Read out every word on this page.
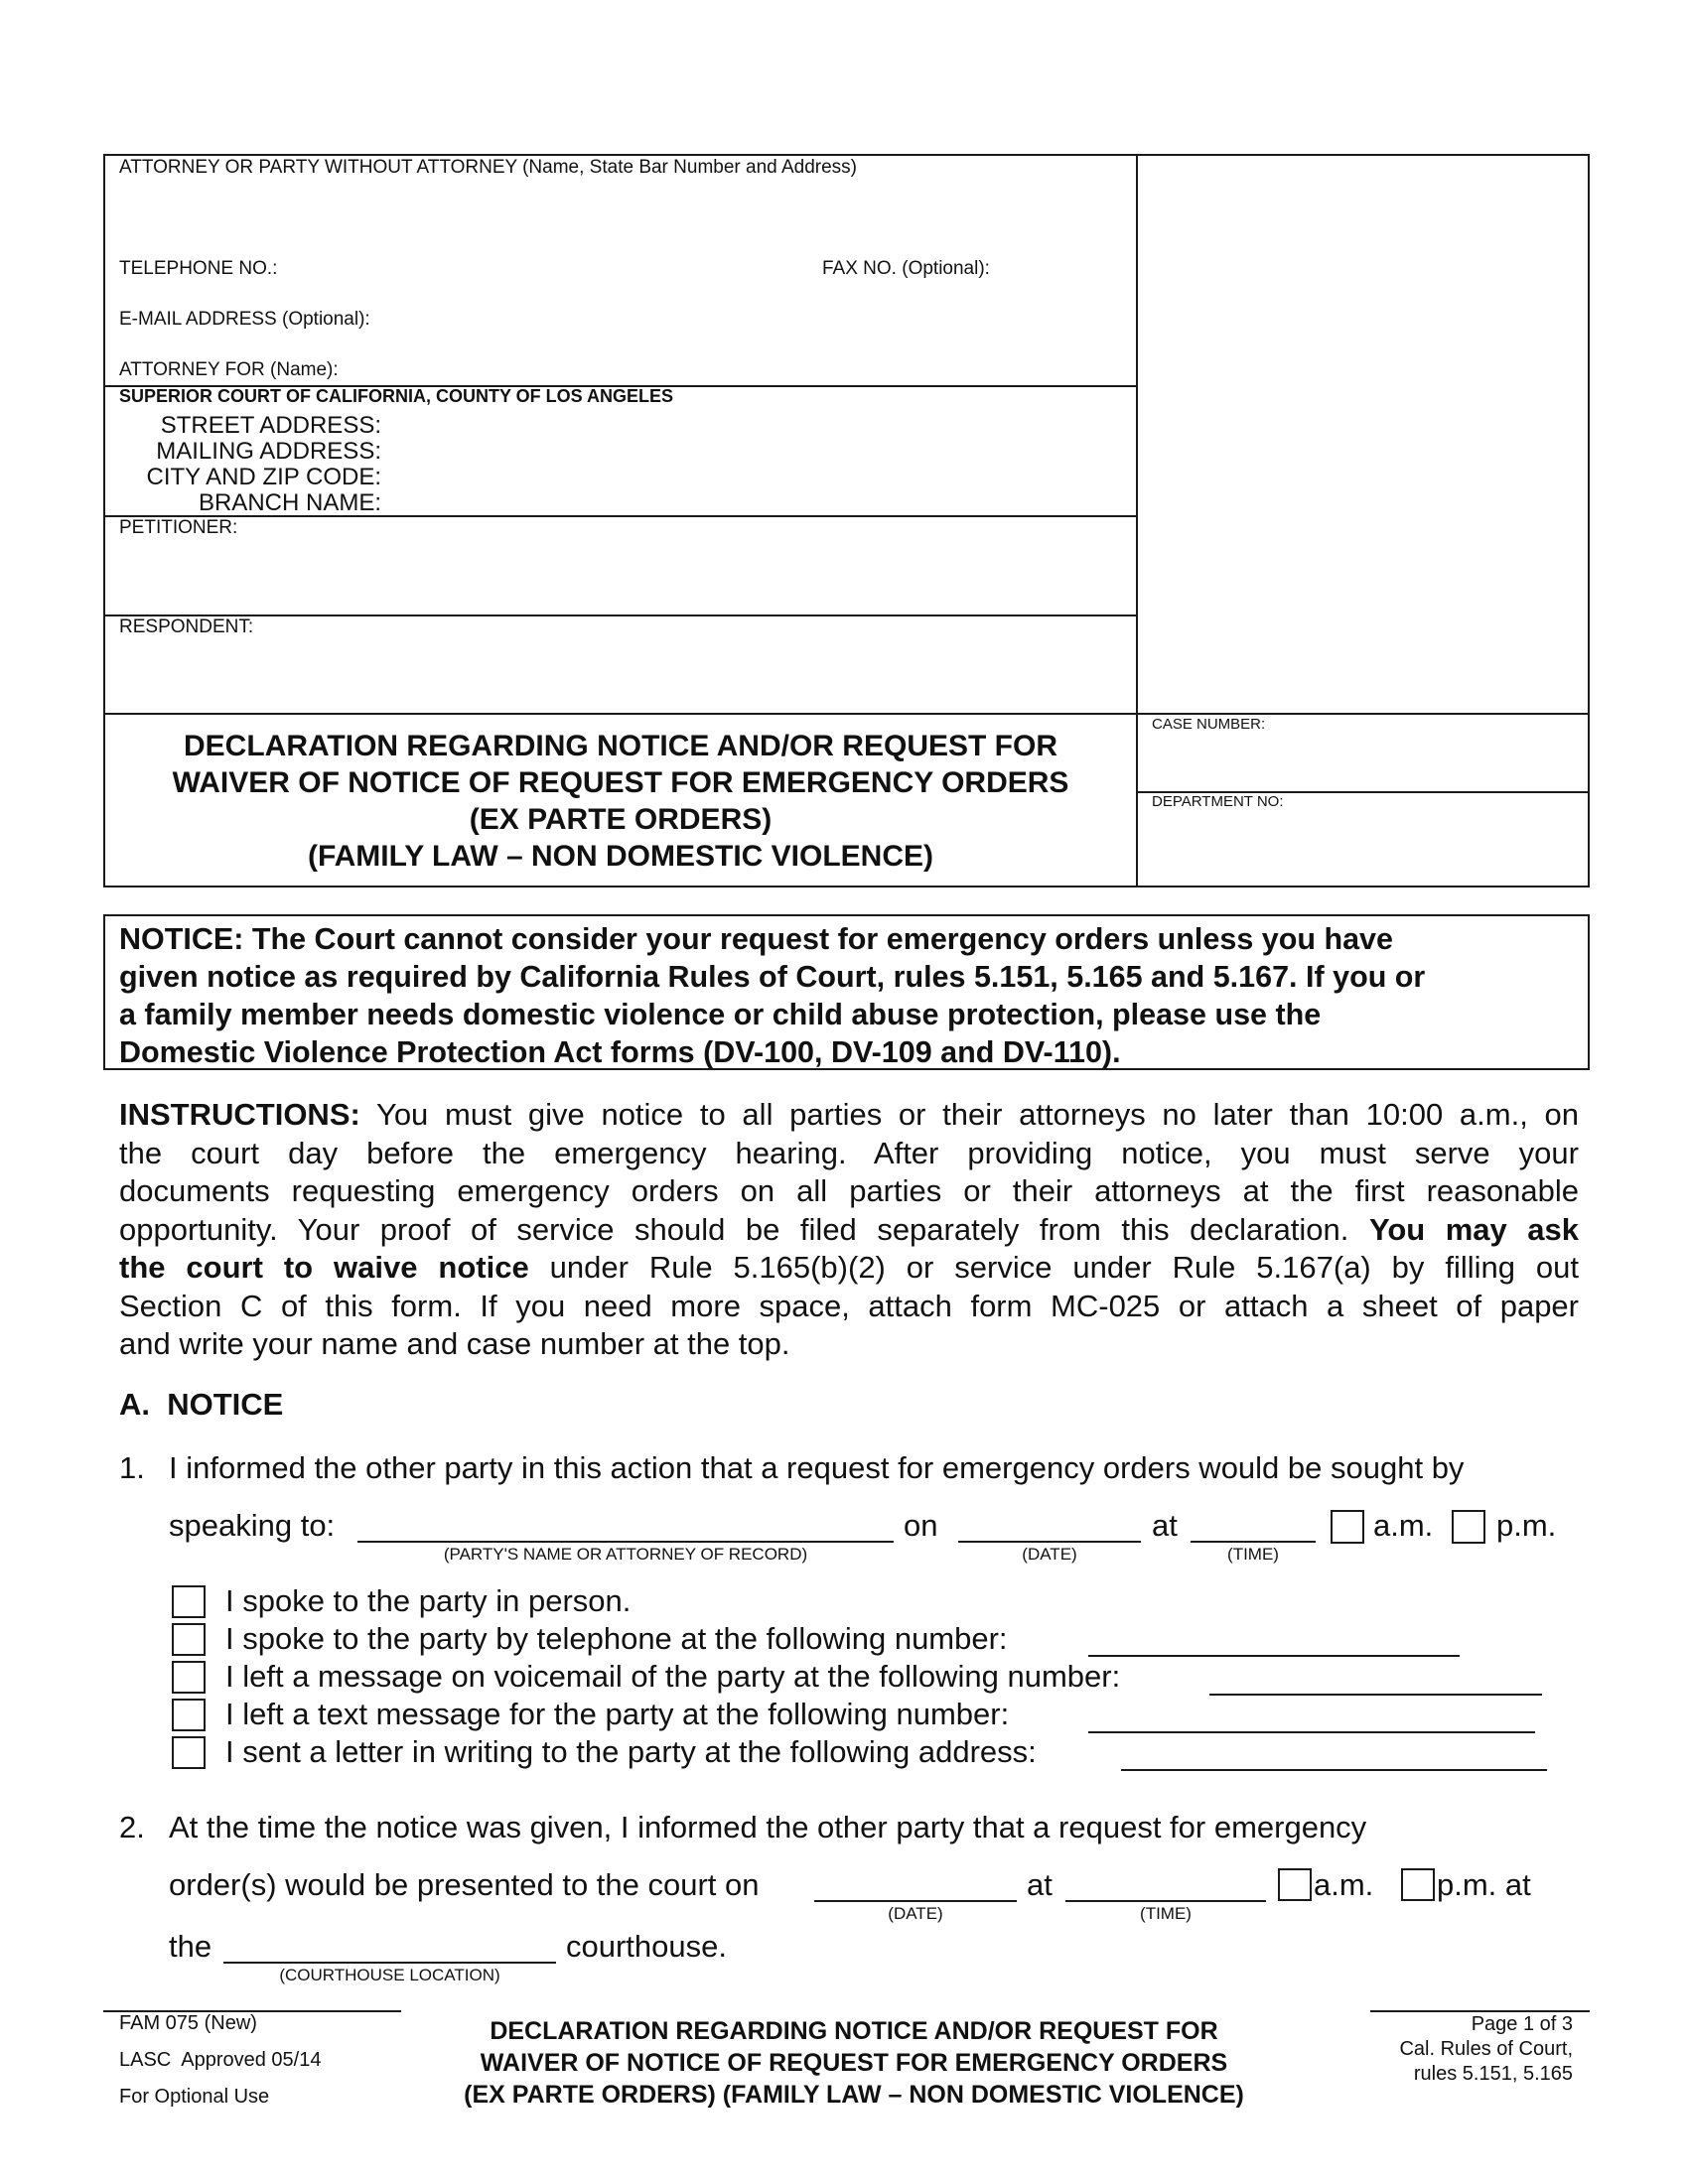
ATTORNEY OR PARTY WITHOUT ATTORNEY (Name, State Bar Number and Address)
TELEPHONE NO.:	FAX NO. (Optional):
E-MAIL ADDRESS (Optional):
ATTORNEY FOR (Name):
SUPERIOR COURT OF CALIFORNIA, COUNTY OF LOS ANGELES
STREET ADDRESS:
MAILING ADDRESS:
CITY AND ZIP CODE:
BRANCH NAME:
PETITIONER:
RESPONDENT:
DECLARATION REGARDING NOTICE AND/OR REQUEST FOR
WAIVER OF NOTICE OF REQUEST FOR EMERGENCY ORDERS
(EX PARTE ORDERS)
(FAMILY LAW – NON DOMESTIC VIOLENCE)
CASE NUMBER:
DEPARTMENT NO:
NOTICE: The Court cannot consider your request for emergency orders unless you have
given notice as required by California Rules of Court, rules 5.151, 5.165 and 5.167. If you or
a family member needs domestic violence or child abuse protection, please use the
Domestic Violence Protection Act forms (DV-100, DV-109 and DV-110).
INSTRUCTIONS: You must give notice to all parties or their attorneys no later than 10:00 a.m., on
the court day before the emergency hearing. After providing notice, you must serve your
documents requesting emergency orders on all parties or their attorneys at the first reasonable
opportunity. Your proof of service should be filed separately from this declaration. You may ask
the court to waive notice under Rule 5.165(b)(2) or service under Rule 5.167(a) by filling out
Section C of this form. If you need more space, attach form MC-025 or attach a sheet of paper
and write your name and case number at the top.
A.  NOTICE
1. I informed the other party in this action that a request for emergency orders would be sought by
speaking to:
(PARTY'S NAME OR ATTORNEY OF RECORD)
on
(DATE)
at
(TIME)
a.m. p.m.
I spoke to the party in person.
I spoke to the party by telephone at the following number:
I left a message on voicemail of the party at the following number:
I left a text message for the party at the following number:
I sent a letter in writing to the party at the following address:
2. At the time the notice was given, I informed the other party that a request for emergency
order(s) would be presented to the court on
(DATE)
at
(TIME)
a.m. p.m. at
the
(COURTHOUSE LOCATION)
courthouse.
FAM 075 (New)
LASC  Approved 05/14
For Optional Use
DECLARATION REGARDING NOTICE AND/OR REQUEST FOR
WAIVER OF NOTICE OF REQUEST FOR EMERGENCY ORDERS
(EX PARTE ORDERS) (FAMILY LAW – NON DOMESTIC VIOLENCE)
Page 1 of 3
Cal. Rules of Court,
rules 5.151, 5.165
